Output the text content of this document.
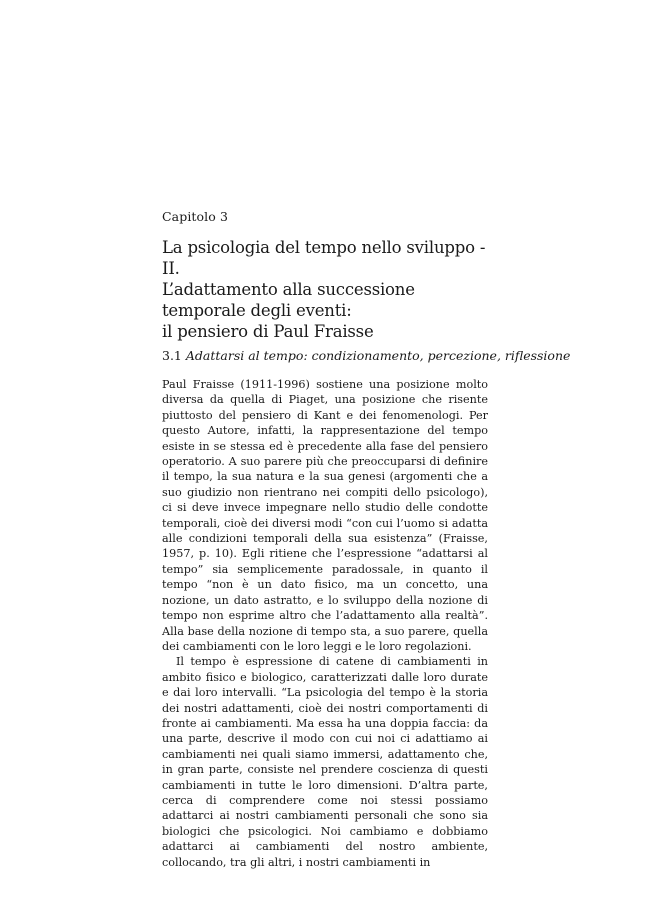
Capitolo 3
La psicologia del tempo nello sviluppo - II.
L’adattamento alla successione temporale degli eventi:
il pensiero di Paul Fraisse
3.1 Adattarsi al tempo: condizionamento, percezione, riflessione

Paul Fraisse (1911-1996) sostiene una posizione molto diversa da quella di Piaget, una posizione che risente piuttosto del pensiero di Kant e dei fenomenologi. Per questo Autore, infatti, la rappresentazione del tempo esiste in se stessa ed è precedente alla fase del pensiero operatorio. A suo parere più che preoccuparsi di definire il tempo, la sua natura e la sua genesi (argomenti che a suo giudizio non rientrano nei compiti dello psicologo), ci si deve invece impegnare nello studio delle condotte temporali, cioè dei diversi modi “con cui l’uomo si adatta alle condizioni temporali della sua esistenza” (Fraisse, 1957, p. 10). Egli ritiene che l’espressione “adattarsi al tempo” sia semplicemente paradossale, in quanto il tempo “non è un dato fisico, ma un concetto, una nozione, un dato astratto, e lo sviluppo della nozione di tempo non esprime altro che l’adattamento alla realtà”. Alla base della nozione di tempo sta, a suo parere, quella dei cambiamenti con le loro leggi e le loro regolazioni.

Il tempo è espressione di catene di cambiamenti in ambito fisico e biologico, caratterizzati dalle loro durate e dai loro intervalli. “La psicologia del tempo è la storia dei nostri adattamenti, cioè dei nostri comportamenti di fronte ai cambiamenti. Ma essa ha una doppia faccia: da una parte, descrive il modo con cui noi ci adattiamo ai cambiamenti nei quali siamo immersi, adattamento che, in gran parte, consiste nel prendere coscienza di questi cambiamenti in tutte le loro dimensioni. D’altra parte, cerca di comprendere come noi stessi possiamo adattarci ai nostri cambiamenti personali che sono sia biologici che psicologici. Noi cambiamo e dobbiamo adattarci ai cambiamenti del nostro ambiente, collocando, tra gli altri, i nostri cambiamenti in
